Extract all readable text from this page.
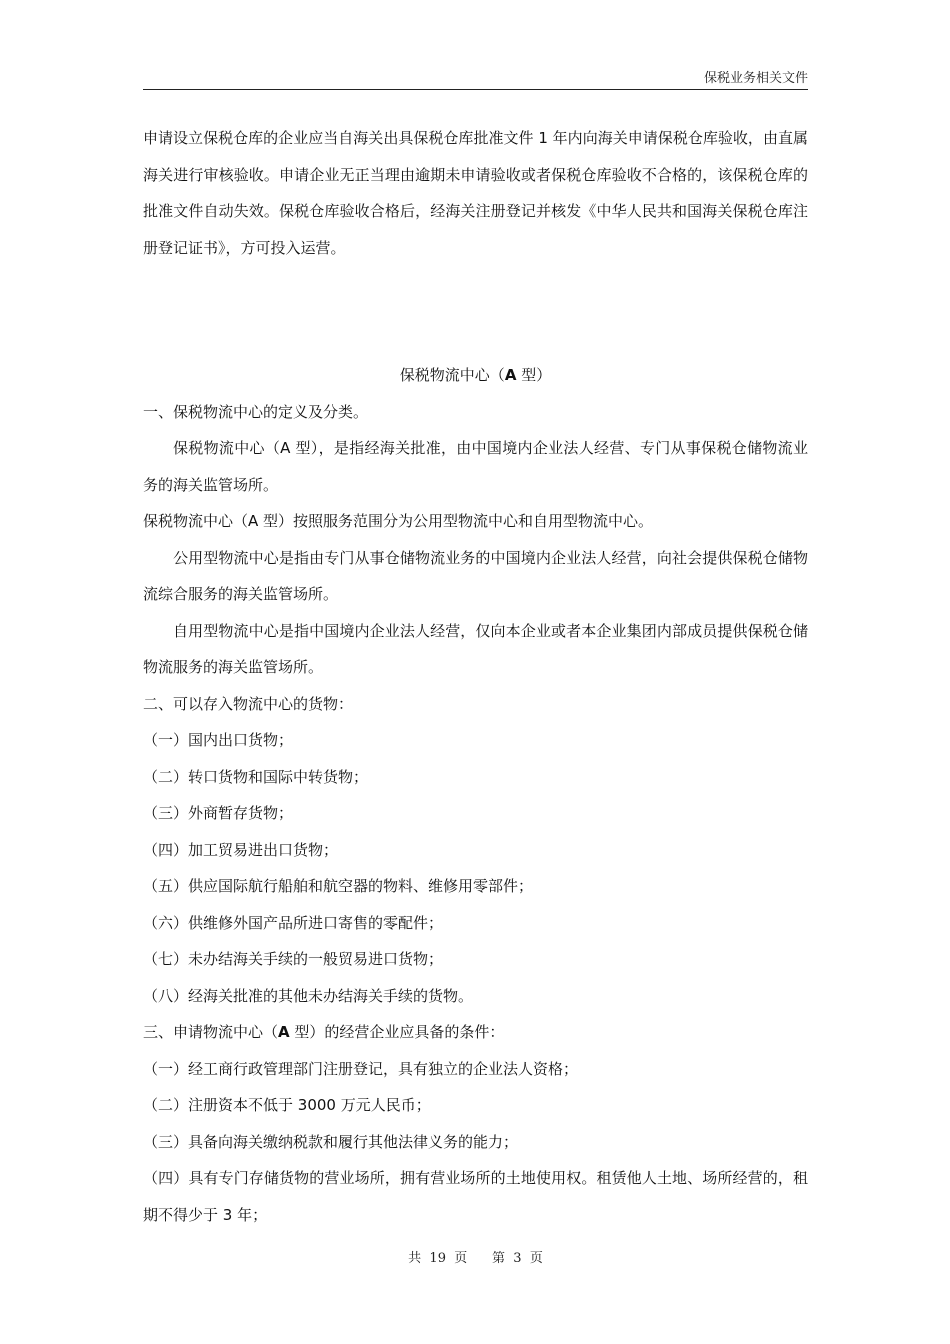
保税业务相关文件

申请设立保税仓库的企业应当自海关出具保税仓库批准文件 1 年内向海关申请保税仓库验收，由直属海关进行审核验收。申请企业无正当理由逾期未申请验收或者保税仓库验收不合格的，该保税仓库的批准文件自动失效。保税仓库验收合格后，经海关注册登记并核发《中华人民共和国海关保税仓库注册登记证书》，方可投入运营。

保税物流中心（A 型）

一、保税物流中心的定义及分类。

保税物流中心（A 型），是指经海关批准，由中国境内企业法人经营、专门从事保税仓储物流业务的海关监管场所。

保税物流中心（A 型）按照服务范围分为公用型物流中心和自用型物流中心。

公用型物流中心是指由专门从事仓储物流业务的中国境内企业法人经营，向社会提供保税仓储物流综合服务的海关监管场所。

自用型物流中心是指中国境内企业法人经营，仅向本企业或者本企业集团内部成员提供保税仓储物流服务的海关监管场所。

二、可以存入物流中心的货物：

（一）国内出口货物；

（二）转口货物和国际中转货物；

（三）外商暂存货物；

（四）加工贸易进出口货物；

（五）供应国际航行船舶和航空器的物料、维修用零部件；

（六）供维修外国产品所进口寄售的零配件；

（七）未办结海关手续的一般贸易进口货物；

（八）经海关批准的其他未办结海关手续的货物。

三、申请物流中心（A 型）的经营企业应具备的条件：

（一）经工商行政管理部门注册登记，具有独立的企业法人资格；

（二）注册资本不低于 3000 万元人民币；

（三）具备向海关缴纳税款和履行其他法律义务的能力；

（四）具有专门存储货物的营业场所，拥有营业场所的土地使用权。租赁他人土地、场所经营的，租期不得少于 3 年；

共  19  页      第  3  页
